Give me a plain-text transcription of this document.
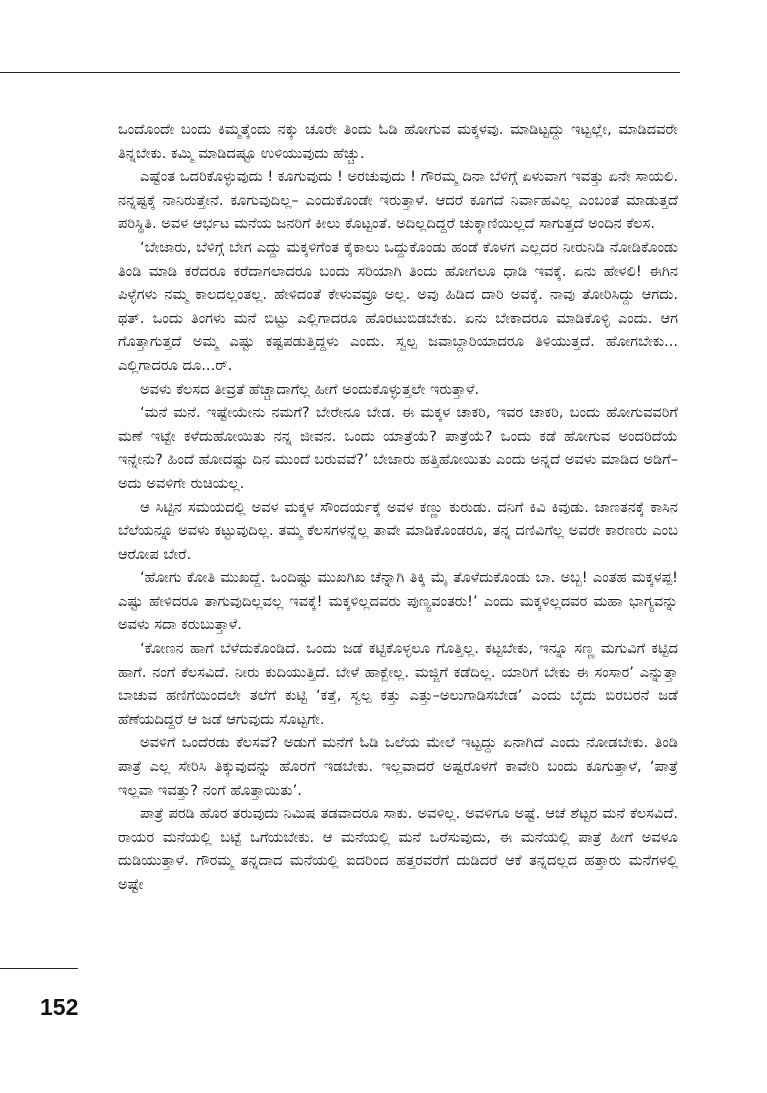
ಒಂದೊಂದೇ ಬಂದು ಕಿಮ್ಮತ್ಕೆಂದು ನಕ್ಕು ಚೂರೇ ತಿಂದು ಓಡಿ ಹೋಗುವ ಮಕ್ಕಳವು. ಮಾಡಿಟ್ಟದ್ದು ಇಟ್ಟಲ್ಲೇ, ಮಾಡಿದವರೇ ತಿನ್ನಬೇಕು. ಕಮ್ಮಿ ಮಾಡಿದಷ್ಟೂ ಉಳಿಯುವುದು ಹೆಚ್ಚು.

ಎಷ್ಟೆಂತ ಒದರಿಕೊಳ್ಳುವುದು ! ಕೂಗುವುದು ! ಅರಚುವುದು ! ಗೌರಮ್ಮ ದಿನಾ ಬೆಳಿಗ್ಗೆ ಏಳುವಾಗ ಇವತ್ತು ಏನೇ ಸಾಯಲಿ. ನನ್ನಷ್ಟಕ್ಕೆ ನಾನಿರುತ್ತೇನೆ. ಕೂಗುವುದಿಲ್ಲ– ಎಂದುಕೊಂಡೇ ಇರುತ್ತಾಳೆ. ಆದರೆ ಕೂಗದೆ ನಿರ್ವಾಹವಿಲ್ಲ ಎಂಬಂತೆ ಮಾಡುತ್ತದೆ ಪರಿಸ್ಥಿತಿ. ಅವಳ ಆರ್ಭಟ ಮನೆಯ ಜನರಿಗೆ ಕೀಲು ಕೊಟ್ಟಂತೆ. ಅದಿಲ್ಲದಿದ್ದರೆ ಚುಕ್ಕಾಣಿಯಿಲ್ಲದೆ ಸಾಗುತ್ತದೆ ಅಂದಿನ ಕೆಲಸ.

‘ಬೇಜಾರು, ಬೆಳಿಗ್ಗೆ ಬೇಗ ಎದ್ದು ಮಕ್ಕಳಿಗೆಂತ ಕೈಕಾಲು ಒದ್ದುಕೊಂಡು ಹಂಡೆ ಕೊಳಗ ಎಲ್ಲದರ ನೀರುನಿಡಿ ನೋಡಿಕೊಂಡು ತಿಂಡಿ ಮಾಡಿ ಕರೆದರೂ ಕರೆದಾಗಲಾದರೂ ಬಂದು ಸರಿಯಾಗಿ ತಿಂದು ಹೋಗಲೂ ಧಾಡಿ ಇವಕ್ಕೆ. ಏನು ಹೇಳಲಿ! ಈಗಿನ ಪಿಳ್ಳೆಗಳು ನಮ್ಮ ಕಾಲದಲ್ಲಂತಲ್ಲ. ಹೇಳಿದಂತೆ ಕೇಳುವವ್ರೂ ಅಲ್ಲ. ಅವು ಹಿಡಿದ ದಾರಿ ಅವಕ್ಕೆ. ನಾವು ತೋರಿಸಿದ್ದು ಆಗದು. ಥತ್. ಒಂದು ತಿಂಗಳು ಮನೆ ಬಿಟ್ಟು ಎಲ್ಲಿಗಾದರೂ ಹೊರಟುಬಿಡಬೇಕು. ಏನು ಬೇಕಾದರೂ ಮಾಡಿಕೊಳ್ಳಿ ಎಂದು. ಆಗ ಗೊತ್ತಾಗುತ್ತದೆ ಅಮ್ಮ ಎಷ್ಟು ಕಷ್ಟಪಡುತ್ತಿದ್ದಳು ಎಂದು. ಸ್ವಲ್ಪ ಜವಾಬ್ದಾರಿಯಾದರೂ ತಿಳಿಯುತ್ತದೆ. ಹೋಗಬೇಕು... ಎಲ್ಲಿಗಾದರೂ ದೂ...ರ್.

ಅವಳು ಕೆಲಸದ ತೀವ್ರತೆ ಹೆಚ್ಚಾದಾಗೆಲ್ಲ ಹೀಗೆ ಅಂದುಕೊಳ್ಳುತ್ತಲೇ ಇರುತ್ತಾಳೆ.

‘ಮನೆ ಮನೆ. ಇಷ್ಟೇಯೇನು ನಮಗೆ? ಬೇರೇನೂ ಬೇಡ. ಈ ಮಕ್ಕಳ ಚಾಕರಿ, ಇವರ ಚಾಕರಿ, ಬಂದು ಹೋಗುವವರಿಗೆ ಮಣೆ ಇಟ್ಟೇ ಕಳೆದುಹೋಯಿತು ನನ್ನ ಜೀವನ. ಒಂದು ಯಾತ್ರೆಯೆ? ಪಾತ್ರೆಯೆ? ಒಂದು ಕಡೆ ಹೋಗುವ ಅಂದರಿದೆಯೆ ಇನ್ನೇನು? ಹಿಂದೆ ಹೋದಷ್ಟು ದಿನ ಮುಂದೆ ಬರುವವೆ?’ ಬೇಜಾರು ಹತ್ತಿಹೋಯಿತು ಎಂದು ಅನ್ನದೆ ಅವಳು ಮಾಡಿದ ಅಡಿಗೆ–ಅದು ಅವಳಿಗೇ ರುಚಿಯಲ್ಲ.

ಆ ಸಿಟ್ಟಿನ ಸಮಯದಲ್ಲಿ ಅವಳ ಮಕ್ಕಳ ಸೌಂದರ್ಯಕ್ಕೆ ಅವಳ ಕಣ್ಣು ಕುರುಡು. ದನಿಗೆ ಕಿವಿ ಕಿವುಡು. ಜಾಣತನಕ್ಕೆ ಕಾಸಿನ ಬೆಲೆಯನ್ನೂ ಅವಳು ಕಟ್ಟುವುದಿಲ್ಲ. ತಮ್ಮ ಕೆಲಸಗಳನ್ನೆಲ್ಲ ತಾವೇ ಮಾಡಿಕೊಂಡರೂ, ತನ್ನ ದಣಿವಿಗೆಲ್ಲ ಅವರೇ ಕಾರಣರು ಎಂಬ ಆರೋಪ ಬೇರೆ.

‘ಹೋಗು ಕೋತಿ ಮುಖದ್ದೆ. ಒಂದಿಷ್ಟು ಮುಖಗಿಖ ಚೆನ್ನಾಗಿ ತಿಕ್ಕಿ ಮೈ ತೊಳೆದುಕೊಂಡು ಬಾ. ಅಬ್ಬ! ಎಂತಹ ಮಕ್ಕಳಪ್ಪ! ಎಷ್ಟು ಹೇಳಿದರೂ ತಾಗುವುದಿಲ್ಲವಲ್ಲ ಇವಕ್ಕೆ! ಮಕ್ಕಳಿಲ್ಲದವರು ಪುಣ್ಯವಂತರು!’ ಎಂದು ಮಕ್ಕಳಿಲ್ಲದವರ ಮಹಾ ಭಾಗ್ಯವನ್ನು ಅವಳು ಸದಾ ಕರುಬುತ್ತಾಳೆ.

‘ಕೋಣನ ಹಾಗೆ ಬೆಳೆದುಕೊಂಡಿದೆ. ಒಂದು ಜಡೆ ಕಟ್ಟಿಕೊಳ್ಳಲೂ ಗೊತ್ತಿಲ್ಲ. ಕಟ್ಟಬೇಕು, ಇನ್ನೂ ಸಣ್ಣ ಮಗುವಿಗೆ ಕಟ್ಟಿದ ಹಾಗೆ. ನಂಗೆ ಕೆಲಸವಿದೆ. ನೀರು ಕುದಿಯುತ್ತಿದೆ. ಬೇಳೆ ಹಾಕ್ಬೇಲ್ಲ. ಮಜ್ಜಿಗೆ ಕಡೆದಿಲ್ಲ. ಯಾರಿಗೆ ಬೇಕು ಈ ಸಂಸಾರ’ ಎನ್ನುತ್ತಾ ಬಾಚುವ ಹಣಿಗೆಯಿಂದಲೇ ತಲೆಗೆ ಕುಟ್ಟಿ ‘ಕತ್ತೆ, ಸ್ವಲ್ಪ ಕತ್ತು ಎತ್ತು–ಅಲುಗಾಡಿಸಬೇಡ’ ಎಂದು ಬೈದು ಬಿರಬರನೆ ಜಡೆ ಹೆಣೆಯದಿದ್ದರೆ ಆ ಜಡೆ ಆಗುವುದು ಸೊಟ್ಟಗೇ.

ಅವಳಿಗೆ ಒಂದೆರಡು ಕೆಲಸವೆ? ಅಡುಗೆ ಮನೆಗೆ ಓಡಿ ಒಲೆಯ ಮೇಲೆ ಇಟ್ಟದ್ದು ಏನಾಗಿದೆ ಎಂದು ನೋಡಬೇಕು. ತಿಂಡಿ ಪಾತ್ರೆ ಎಲ್ಲ ಸೇರಿಸಿ ತಿಕ್ಕುವುದನ್ನು ಹೊರಗೆ ಇಡಬೇಕು. ಇಲ್ಲವಾದರೆ ಅಷ್ಟರೊಳಗೆ ಕಾವೇರಿ ಬಂದು ಕೂಗುತ್ತಾಳೆ, ‘ಪಾತ್ರೆ ಇಲ್ಲವಾ ಇವತ್ತು? ನಂಗೆ ಹೊತ್ತಾಯಿತು’.

ಪಾತ್ರೆ ಪರಡಿ ಹೊರ ತರುವುದು ನಿಮಿಷ ತಡವಾದರೂ ಸಾಕು. ಅವಳಿಲ್ಲ. ಅವಳಿಗೂ ಅಷ್ಟೆ. ಆಚೆ ಶೆಟ್ಟರ ಮನೆ ಕೆಲಸವಿದೆ. ರಾಯರ ಮನೆಯಲ್ಲಿ ಬಟ್ಟೆ ಒಗೆಯಬೇಕು. ಆ ಮನೆಯಲ್ಲಿ ಮನೆ ಒರೆಸುವುದು, ಈ ಮನೆಯಲ್ಲಿ ಪಾತ್ರೆ ಹೀಗೆ ಅವಳೂ ದುಡಿಯುತ್ತಾಳೆ. ಗೌರಮ್ಮ ತನ್ನದಾದ ಮನೆಯಲ್ಲಿ ಐದರಿಂದ ಹತ್ತರವರೆಗೆ ದುಡಿದರೆ ಆಕೆ ತನ್ನದಲ್ಲದ ಹತ್ತಾರು ಮನೆಗಳಲ್ಲಿ ಅಷ್ಟೇ

152
